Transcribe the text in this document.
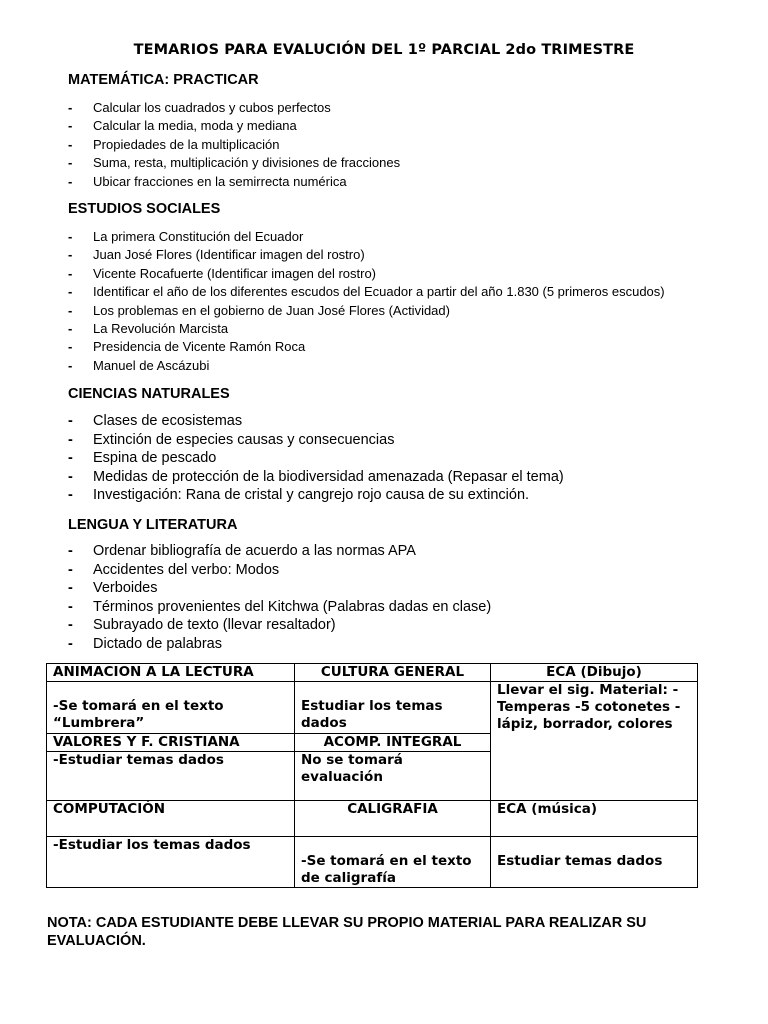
TEMARIOS PARA EVALUCIÓN DEL 1º PARCIAL 2do TRIMESTRE
MATEMÁTICA: PRACTICAR
- Calcular los cuadrados y cubos perfectos
- Calcular la media, moda y mediana
- Propiedades de la multiplicación
- Suma, resta, multiplicación y divisiones de fracciones
- Ubicar fracciones en la semirrecta numérica
ESTUDIOS SOCIALES
- La primera Constitución del Ecuador
- Juan José Flores (Identificar imagen del rostro)
- Vicente Rocafuerte (Identificar imagen del rostro)
- Identificar el año de los diferentes escudos del Ecuador a partir del año 1.830 (5 primeros escudos)
- Los problemas en el gobierno de Juan José Flores (Actividad)
- La Revolución Marcista
- Presidencia de Vicente Ramón Roca
- Manuel de Ascázubi
CIENCIAS NATURALES
- Clases de ecosistemas
- Extinción de especies causas y consecuencias
- Espina de pescado
- Medidas de protección de la biodiversidad amenazada (Repasar el tema)
- Investigación: Rana de cristal y cangrejo rojo causa de su extinción.
LENGUA Y LITERATURA
- Ordenar bibliografía de acuerdo a las normas APA
- Accidentes del verbo: Modos
- Verboides
- Términos provenientes del Kitchwa (Palabras dadas en clase)
- Subrayado de texto (llevar resaltador)
- Dictado de palabras
ANIMACION A LA LECTURA	CULTURA GENERAL	ECA (Dibujo)
-Se tomará en el texto “Lumbrera”	Estudiar los temas dados	Llevar el sig. Material: -Temperas -5 cotonetes -lápiz, borrador, colores
VALORES Y F. CRISTIANA	ACOMP. INTEGRAL	
-Estudiar temas dados	No se tomará evaluación	
COMPUTACIÓN	CALIGRAFIA	ECA (música)
-Estudiar los temas dados	-Se tomará en el texto de caligrafía	Estudiar temas dados
NOTA: CADA ESTUDIANTE DEBE LLEVAR SU PROPIO MATERIAL PARA REALIZAR SU EVALUACIÓN.
